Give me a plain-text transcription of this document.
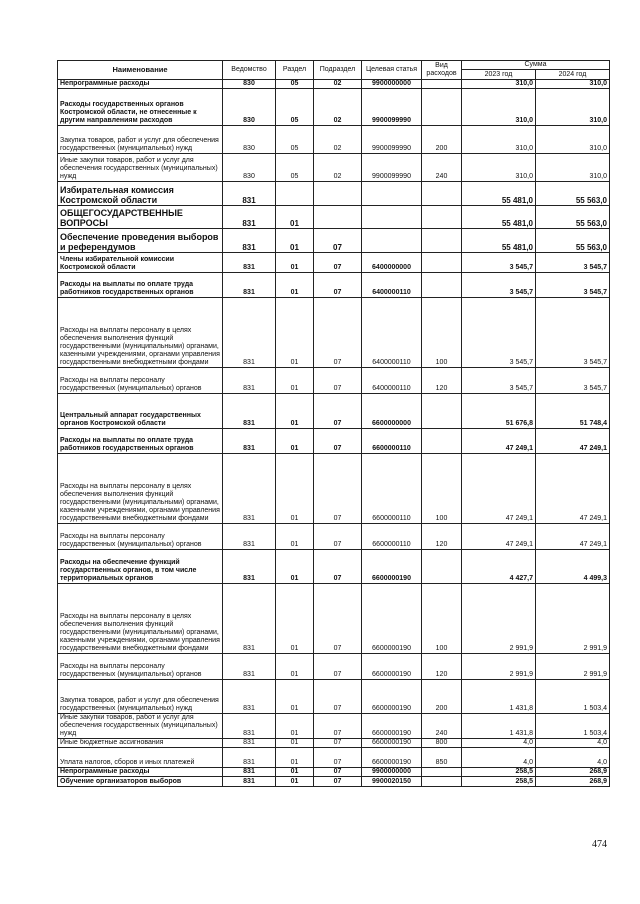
Наименование	Ведомство	Раздел	Подраздел	Целевая статья	Вид расходов	Сумма	
						2023 год	2024 год
Непрограммные расходы	830	05	02	9900000000		310,0	310,0
Расходы государственных органов Костромской области, не отнесенные к другим направлениям расходов	830	05	02	9900099990		310,0	310,0
Закупка товаров, работ и услуг для обеспечения государственных (муниципальных) нужд	830	05	02	9900099990	200	310,0	310,0
Иные закупки товаров, работ и услуг для обеспечения государственных (муниципальных) нужд	830	05	02	9900099990	240	310,0	310,0
Избирательная комиссия Костромской области	831					55 481,0	55 563,0
ОБЩЕГОСУДАРСТВЕННЫЕ ВОПРОСЫ	831	01				55 481,0	55 563,0
Обеспечение проведения выборов и референдумов	831	01	07			55 481,0	55 563,0
Члены избирательной комиссии Костромской области	831	01	07	6400000000		3 545,7	3 545,7
Расходы на выплаты по оплате труда работников государственных органов	831	01	07	6400000110		3 545,7	3 545,7
Расходы на выплаты персоналу в целях обеспечения выполнения функций государственными (муниципальными) органами, казенными учреждениями, органами управления государственными внебюджетными фондами	831	01	07	6400000110	100	3 545,7	3 545,7
Расходы на выплаты персоналу государственных (муниципальных) органов	831	01	07	6400000110	120	3 545,7	3 545,7
Центральный аппарат государственных органов Костромской области	831	01	07	6600000000		51 676,8	51 748,4
Расходы на выплаты по оплате труда работников государственных органов	831	01	07	6600000110		47 249,1	47 249,1
Расходы на выплаты персоналу в целях обеспечения выполнения функций государственными (муниципальными) органами, казенными учреждениями, органами управления государственными внебюджетными фондами	831	01	07	6600000110	100	47 249,1	47 249,1
Расходы на выплаты персоналу государственных (муниципальных) органов	831	01	07	6600000110	120	47 249,1	47 249,1
Расходы на обеспечение функций государственных органов, в том числе территориальных органов	831	01	07	6600000190		4 427,7	4 499,3
Расходы на выплаты персоналу в целях обеспечения выполнения функций государственными (муниципальными) органами, казенными учреждениями, органами управления государственными внебюджетными фондами	831	01	07	6600000190	100	2 991,9	2 991,9
Расходы на выплаты персоналу государственных (муниципальных) органов	831	01	07	6600000190	120	2 991,9	2 991,9
Закупка товаров, работ и услуг для обеспечения государственных (муниципальных) нужд	831	01	07	6600000190	200	1 431,8	1 503,4
Иные закупки товаров, работ и услуг для обеспечения государственных (муниципальных) нужд	831	01	07	6600000190	240	1 431,8	1 503,4
Иные бюджетные ассигнования	831	01	07	6600000190	800	4,0	4,0
Уплата налогов, сборов и иных платежей	831	01	07	6600000190	850	4,0	4,0
Непрограммные расходы	831	01	07	9900000000		258,5	268,9
Обучение организаторов выборов	831	01	07	9900020150		258,5	268,9
474
